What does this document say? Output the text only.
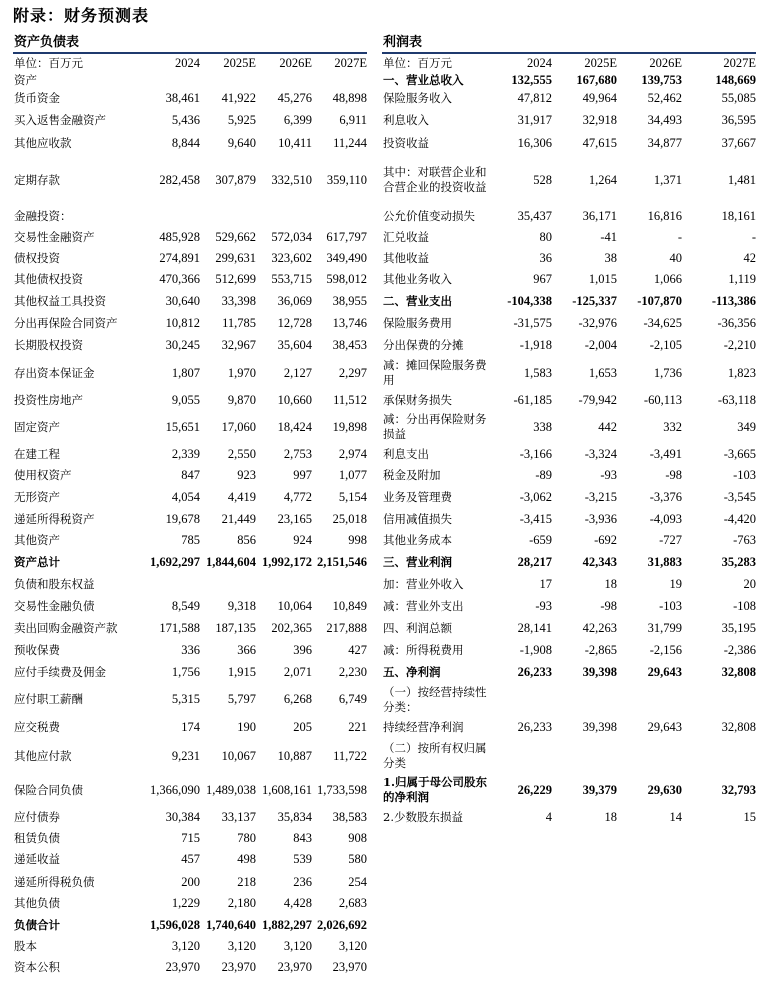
附录：财务预测表
资产负债表
单位：百万元	2024	2025E	2026E	2027E
资产				
货币资金	38,461	41,922	45,276	48,898
买入返售金融资产	5,436	5,925	6,399	6,911
其他应收款	8,844	9,640	10,411	11,244
定期存款	282,458	307,879	332,510	359,110
金融投资：				
交易性金融资产	485,928	529,662	572,034	617,797
债权投资	274,891	299,631	323,602	349,490
其他债权投资	470,366	512,699	553,715	598,012
其他权益工具投资	30,640	33,398	36,069	38,955
分出再保险合同资产	10,812	11,785	12,728	13,746
长期股权投资	30,245	32,967	35,604	38,453
存出资本保证金	1,807	1,970	2,127	2,297
投资性房地产	9,055	9,870	10,660	11,512
固定资产	15,651	17,060	18,424	19,898
在建工程	2,339	2,550	2,753	2,974
使用权资产	847	923	997	1,077
无形资产	4,054	4,419	4,772	5,154
递延所得税资产	19,678	21,449	23,165	25,018
其他资产	785	856	924	998
资产总计	1,692,297	1,844,604	1,992,172	2,151,546
负债和股东权益				
交易性金融负债	8,549	9,318	10,064	10,849
卖出回购金融资产款	171,588	187,135	202,365	217,888
预收保费	336	366	396	427
应付手续费及佣金	1,756	1,915	2,071	2,230
应付职工薪酬	5,315	5,797	6,268	6,749
应交税费	174	190	205	221
其他应付款	9,231	10,067	10,887	11,722
保险合同负债	1,366,090	1,489,038	1,608,161	1,733,598
应付债券	30,384	33,137	35,834	38,583
租赁负债	715	780	843	908
递延收益	457	498	539	580
递延所得税负债	200	218	236	254
其他负债	1,229	2,180	4,428	2,683
负债合计	1,596,028	1,740,640	1,882,297	2,026,692
股本	3,120	3,120	3,120	3,120
资本公积	23,970	23,970	23,970	23,970
利润表
单位：百万元	2024	2025E	2026E	2027E
一、营业总收入	132,555	167,680	139,753	148,669
保险服务收入	47,812	49,964	52,462	55,085
利息收入	31,917	32,918	34,493	36,595
投资收益	16,306	47,615	34,877	37,667
其中：对联营企业和合营企业的投资收益	528	1,264	1,371	1,481
公允价值变动损失	35,437	36,171	16,816	18,161
汇兑收益	80	-41	-	-
其他收益	36	38	40	42
其他业务收入	967	1,015	1,066	1,119
二、营业支出	-104,338	-125,337	-107,870	-113,386
保险服务费用	-31,575	-32,976	-34,625	-36,356
分出保费的分摊	-1,918	-2,004	-2,105	-2,210
减：摊回保险服务费用	1,583	1,653	1,736	1,823
承保财务损失	-61,185	-79,942	-60,113	-63,118
减：分出再保险财务损益	338	442	332	349
利息支出	-3,166	-3,324	-3,491	-3,665
税金及附加	-89	-93	-98	-103
业务及管理费	-3,062	-3,215	-3,376	-3,545
信用减值损失	-3,415	-3,936	-4,093	-4,420
其他业务成本	-659	-692	-727	-763
三、营业利润	28,217	42,343	31,883	35,283
加：营业外收入	17	18	19	20
减：营业外支出	-93	-98	-103	-108
四、利润总额	28,141	42,263	31,799	35,195
减：所得税费用	-1,908	-2,865	-2,156	-2,386
五、净利润	26,233	39,398	29,643	32,808
（一）按经营持续性分类：				
持续经营净利润	26,233	39,398	29,643	32,808
（二）按所有权归属分类				
1.归属于母公司股东的净利润	26,229	39,379	29,630	32,793
2.少数股东损益	4	18	14	15
